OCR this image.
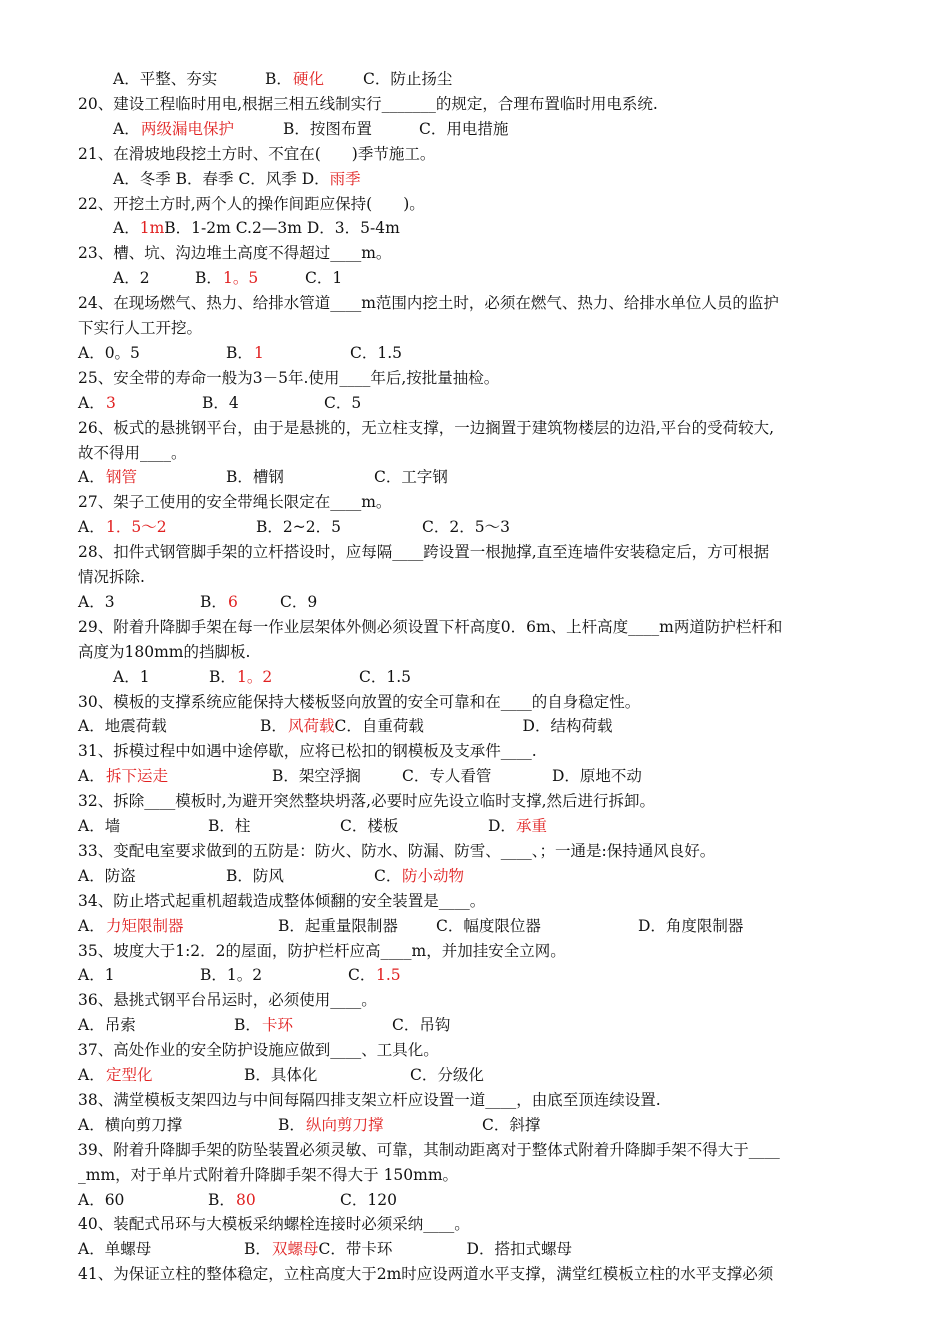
A．平整、夯实	B．硬化	C．防止扬尘
20、建设工程临时用电,根据三相五线制实行_______的规定，合理布置临时用电系统.
A．两级漏电保护	B．按图布置	C．用电措施
21、在滑坡地段挖土方时、不宜在(　　)季节施工。
A．冬季 B．春季 C．风季 D．雨季
22、开挖土方时,两个人的操作间距应保持(　　)。
A．1mB．1-2m C.2—3m D．3．5-4m
23、槽、坑、沟边堆土高度不得超过____m。
A．2	B．1。5	C．1
24、在现场燃气、热力、给排水管道____m范围内挖土时，必须在燃气、热力、给排水单位人员的监护
下实行人工开挖。
A．0。5	B．1	C．1.5
25、安全带的寿命一般为3－5年.使用____年后,按批量抽检。
A．3	B．4	C．5
26、板式的悬挑钢平台，由于是悬挑的，无立柱支撑，一边搁置于建筑物楼层的边沿,平台的受荷较大,
故不得用____。
A．钢管	B．槽钢	C．工字钢
27、架子工使用的安全带绳长限定在____m。
A．1．5～2	B．2~2．5	C．2．5～3
28、扣件式钢管脚手架的立杆搭设时，应每隔____跨设置一根抛撑,直至连墙件安装稳定后，方可根据
情况拆除.
A．3	B．6	C．9
29、附着升降脚手架在每一作业层架体外侧必须设置下杆高度0．6m、上杆高度____m两道防护栏杆和
高度为180mm的挡脚板.
A．1	B．1。2	C．1.5
30、模板的支撑系统应能保持大楼板竖向放置的安全可靠和在____的自身稳定性。
A．地震荷载	B．风荷载C．自重荷载	D．结构荷载
31、拆模过程中如遇中途停歇，应将已松扣的钢模板及支承件____.
A．拆下运走	B．架空浮搁	C．专人看管	D．原地不动
32、拆除____模板时,为避开突然整块坍落,必要时应先设立临时支撑,然后进行拆卸。
A．墙	B．柱	C．楼板	D．承重
33、变配电室要求做到的五防是：防火、防水、防漏、防雪、____、；一通是:保持通风良好。
A．防盗	B．防风	C．防小动物
34、防止塔式起重机超载造成整体倾翻的安全装置是____。
A．力矩限制器	B．起重量限制器 C．幅度限位器	D．角度限制器
35、坡度大于1:2．2的屋面，防护栏杆应高____m，并加挂安全立网。
A．1	B．1。2	C．1.5
36、悬挑式钢平台吊运时，必须使用____。
A．吊索	B．卡环	C．吊钩
37、高处作业的安全防护设施应做到____、工具化。
A．定型化	B．具体化	C．分级化
38、满堂模板支架四边与中间每隔四排支架立杆应设置一道____，由底至顶连续设置.
A．横向剪刀撑	B．纵向剪刀撑	C．斜撑
39、附着升降脚手架的防坠装置必须灵敏、可靠，其制动距离对于整体式附着升降脚手架不得大于____
_mm，对于单片式附着升降脚手架不得大于 150mm。
A．60	B．80	C．120
40、装配式吊环与大模板采纳螺栓连接时必须采纳____。
A．单螺母	B．双螺母C．带卡环	D．搭扣式螺母
41、为保证立柱的整体稳定，立柱高度大于2m时应设两道水平支撑，满堂红模板立柱的水平支撑必须
